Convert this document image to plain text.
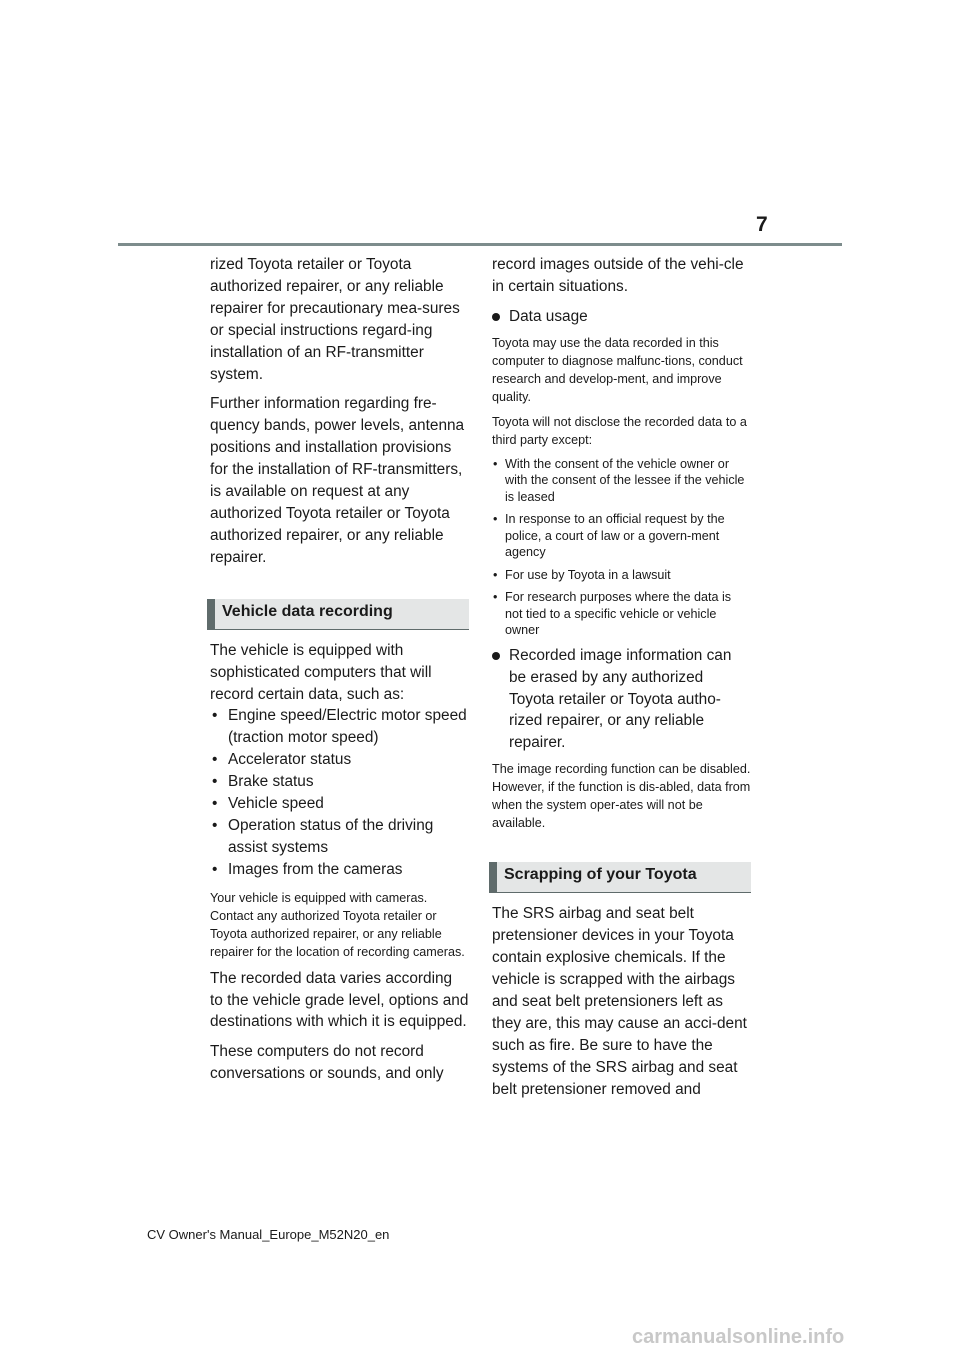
7

rized Toyota retailer or Toyota authorized repairer, or any reliable repairer for precautionary mea-sures or special instructions regard-ing installation of an RF-transmitter system.

Further information regarding fre-quency bands, power levels, antenna positions and installation provisions for the installation of RF-transmitters, is available on request at any authorized Toyota retailer or Toyota authorized repairer, or any reliable repairer.

Vehicle data recording

The vehicle is equipped with sophisticated computers that will record certain data, such as:

• Engine speed/Electric motor speed (traction motor speed)
• Accelerator status
• Brake status
• Vehicle speed
• Operation status of the driving assist systems
• Images from the cameras

Your vehicle is equipped with cameras. Contact any authorized Toyota retailer or Toyota authorized repairer, or any reliable repairer for the location of recording cameras.

The recorded data varies according to the vehicle grade level, options and destinations with which it is equipped.

These computers do not record conversations or sounds, and only

record images outside of the vehi-cle in certain situations.

Data usage

Toyota may use the data recorded in this computer to diagnose malfunc-tions, conduct research and develop-ment, and improve quality.

Toyota will not disclose the recorded data to a third party except:

• With the consent of the vehicle owner or with the consent of the lessee if the vehicle is leased
• In response to an official request by the police, a court of law or a govern-ment agency
• For use by Toyota in a lawsuit
• For research purposes where the data is not tied to a specific vehicle or vehicle owner
Recorded image information can be erased by any authorized Toyota retailer or Toyota autho-rized repairer, or any reliable repairer.

The image recording function can be disabled. However, if the function is dis-abled, data from when the system oper-ates will not be available.

Scrapping of your Toyota

The SRS airbag and seat belt pretensioner devices in your Toyota contain explosive chemicals. If the vehicle is scrapped with the airbags and seat belt pretensioners left as they are, this may cause an acci-dent such as fire. Be sure to have the systems of the SRS airbag and seat belt pretensioner removed and

CV Owner's Manual_Europe_M52N20_en
carmanualsonline.info
